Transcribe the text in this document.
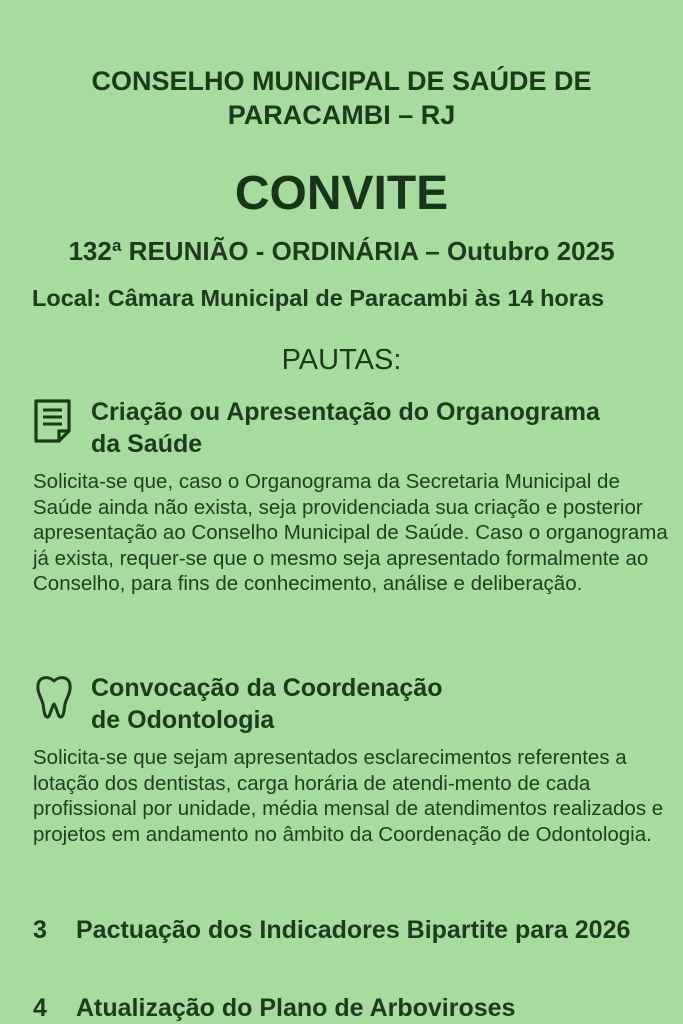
CONSELHO MUNICIPAL DE SAÚDE DE
PARACAMBI – RJ
CONVITE
132ª REUNIÃO - ORDINÁRIA – Outubro 2025
Local: Câmara Municipal de Paracambi às 14 horas
PAUTAS:
Criação ou Apresentação do Organograma
da Saúde
Solicita-se que, caso o Organograma da Secretaria Municipal de Saúde ainda não exista, seja providenciada sua criação e posterior apresentação ao Conselho Municipal de Saúde. Caso o organograma já exista, requer-se que o mesmo seja apresentado formalmente ao Conselho, para fins de conhecimento, análise e deliberação.
Convocação da Coordenação
de Odontologia
Solicita-se que sejam apresentados esclarecimentos referentes a lotação dos dentistas, carga horária de atendi-mento de cada profissional por unidade, média mensal de atendimentos realizados e projetos em andamento no âmbito da Coordenação de Odontologia.
3 Pactuação dos Indicadores Bipartite para 2026
4 Atualização do Plano de Arboviroses
